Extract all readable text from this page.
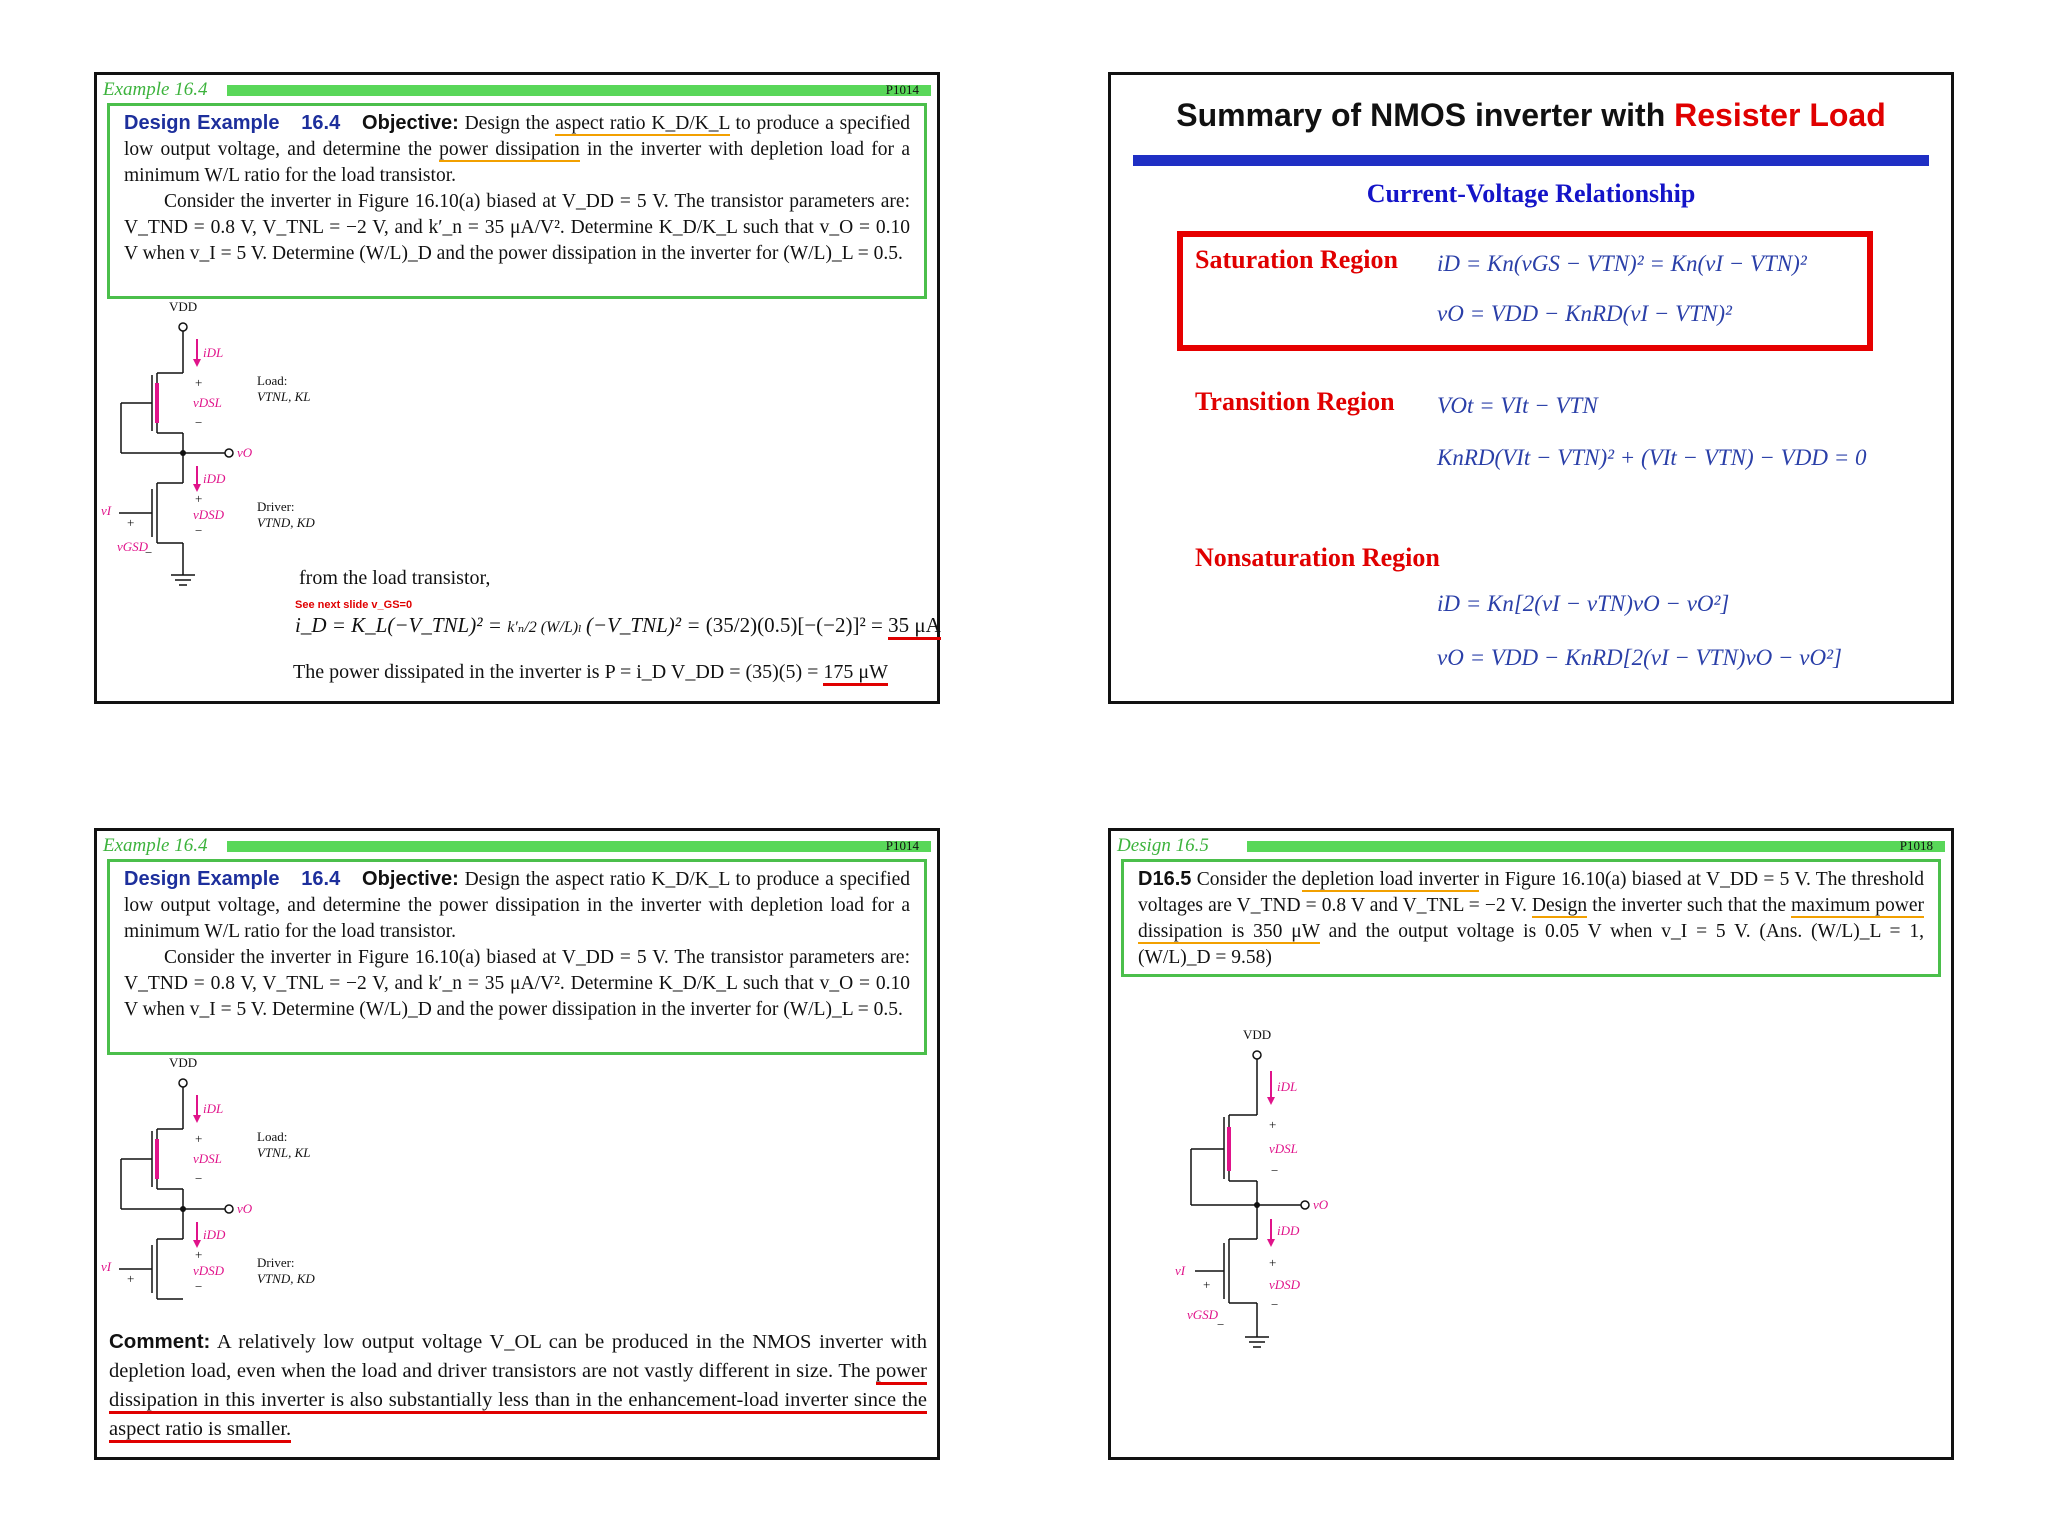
Example 16.4	P1014
Design Example 16.4 Objective: Design the aspect ratio K_D/K_L to produce a specified low output voltage, and determine the power dissipation in the inverter with depletion load for a minimum W/L ratio for the load transistor.
Consider the inverter in Figure 16.10(a) biased at V_DD = 5 V. The transistor parameters are: V_TND = 0.8 V, V_TNL = −2 V, and k′_n = 35 μA/V². Determine K_D/K_L such that v_O = 0.10 V when v_I = 5 V. Determine (W/L)_D and the power dissipation in the inverter for (W/L)_L = 0.5.
VDD
iDL
+
vDSL
−
Load:
VTNL, KL
vO
iDD
+
vDSD
−
Driver:
VTND, KD
vI
+
vGSD
−
from the load transistor,
See next slide v_GS=0
i_D = K_L(−V_TNL)² = k′ₙ/2 (W/L)ₗ (−V_TNL)² = (35/2)(0.5)[−(−2)]² = 35 μA
The power dissipated in the inverter is P = i_D V_DD = (35)(5) = 175 μW
Summary of NMOS inverter with Resister Load
Current-Voltage Relationship
Saturation Region iD = Kn(vGS − VTN)² = Kn(vI − VTN)²
vO = VDD − KnRD(vI − VTN)²
Transition Region VOt = VIt − VTN
KnRD(VIt − VTN)² + (VIt − VTN) − VDD = 0
Nonsaturation Region
iD = Kn[2(vI − vTN)vO − vO²]
vO = VDD − KnRD[2(vI − VTN)vO − vO²]
Example 16.4	P1014
Design Example 16.4 Objective: Design the aspect ratio K_D/K_L to produce a specified low output voltage, and determine the power dissipation in the inverter with depletion load for a minimum W/L ratio for the load transistor.
Consider the inverter in Figure 16.10(a) biased at V_DD = 5 V. The transistor parameters are: V_TND = 0.8 V, V_TNL = −2 V, and k′_n = 35 μA/V². Determine K_D/K_L such that v_O = 0.10 V when v_I = 5 V. Determine (W/L)_D and the power dissipation in the inverter for (W/L)_L = 0.5.
VDD
iDL
+
vDSL
−
Load:
VTNL, KL
vO
iDD
+
vDSD
−
Driver:
VTND, KD
vI
+
Comment: A relatively low output voltage V_OL can be produced in the NMOS inverter with depletion load, even when the load and driver transistors are not vastly different in size. The power dissipation in this inverter is also substantially less than in the enhancement-load inverter since the aspect ratio is smaller.
Design 16.5	P1018
D16.5 Consider the depletion load inverter in Figure 16.10(a) biased at V_DD = 5 V. The threshold voltages are V_TND = 0.8 V and V_TNL = −2 V. Design the inverter such that the maximum power dissipation is 350 μW and the output voltage is 0.05 V when v_I = 5 V. (Ans. (W/L)_L = 1, (W/L)_D = 9.58)
VDD
iDL
+
vDSL
−
vO
iDD
+
vDSD
−
vI
+
vGSD
−
